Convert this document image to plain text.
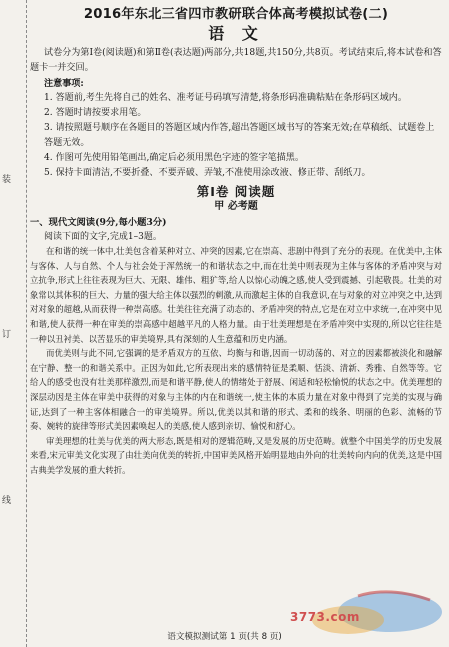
装
订
线
2016年东北三省四市教研联合体高考模拟试卷(二)
语 文
试卷分为第Ⅰ卷(阅读题)和第Ⅱ卷(表达题)两部分,共18题,共150分,共8页。考试结束后,将本试卷和答题卡一并交回。
注意事项:
1. 答题前,考生先将自己的姓名、准考证号码填写清楚,将条形码准确粘贴在条形码区域内。
2. 答题时请按要求用笔。
3. 请按照题号顺序在各题目的答题区域内作答,超出答题区域书写的答案无效;在草稿纸、试题卷上答题无效。
4. 作图可先使用铅笔画出,确定后必须用黑色字迹的签字笔描黑。
5. 保持卡面清洁,不要折叠、不要弄破、弄皱,不准使用涂改液、修正带、刮纸刀。
第Ⅰ卷 阅读题
甲 必考题
一、现代文阅读(9分,每小题3分)
阅读下面的文字,完成1–3题。
在和谐的统一体中,壮美包含着某种对立、冲突的因素,它在崇高、悲剧中得到了充分的表现。在优美中,主体与客体、人与自然、个人与社会处于浑然统一的和谐状态之中,而在壮美中则表现为主体与客体的矛盾冲突与对立抗争,形式上往往表现为巨大、无限、雄伟、粗犷等,给人以惊心动魄之感,使人受到震撼、引起敬畏。壮美的对象常以其体积的巨大、力量的强大给主体以强烈的刺激,从而激起主体的自我意识,在与对象的对立冲突之中,达到对对象的超越,从而获得一种崇高感。壮美往往充满了动态的、矛盾冲突的特点,它是在对立中求统一,在冲突中见和谐,使人获得一种在审美的崇高感中超越平凡的人格力量。由于壮美理想是在矛盾冲突中实现的,所以它往往是一种以丑衬美、以苦显乐的审美境界,具有深刻的人生意蕴和历史内涵。
而优美则与此不同,它强调的是矛盾双方的互依、均衡与和谐,因而一切动荡的、对立的因素都被淡化和融解在宁静、整一的和谐关系中。正因为如此,它所表现出来的感情特征是柔顺、恬淡、清新、秀雅、自然等等。它给人的感受也没有壮美那样激烈,而是和谐平静,使人的情绪处于舒展、闲适和轻松愉悦的状态之中。优美理想的深层动因是主体在审美中获得的对象与主体的内在和谐统一,使主体的本质力量在对象中得到了完美的实现与确证,达到了一种主客体相融合一的审美境界。所以,优美以其和谐的形式、柔和的线条、明丽的色彩、流畅的节奏、婉转的旋律等形式美因素唤起人的美感,使人感到亲切、愉悦和舒心。
审美理想的壮美与优美的两大形态,既是相对的逻辑范畴,又是发展的历史范畴。就整个中国美学的历史发展来看,宋元审美文化实现了由壮美向优美的转折,中国审美风格开始明显地由外向的壮美转向内向的优美,这是中国古典美学发展的重大转折。
3773.com
语文模拟测试第 1 页(共 8 页)
